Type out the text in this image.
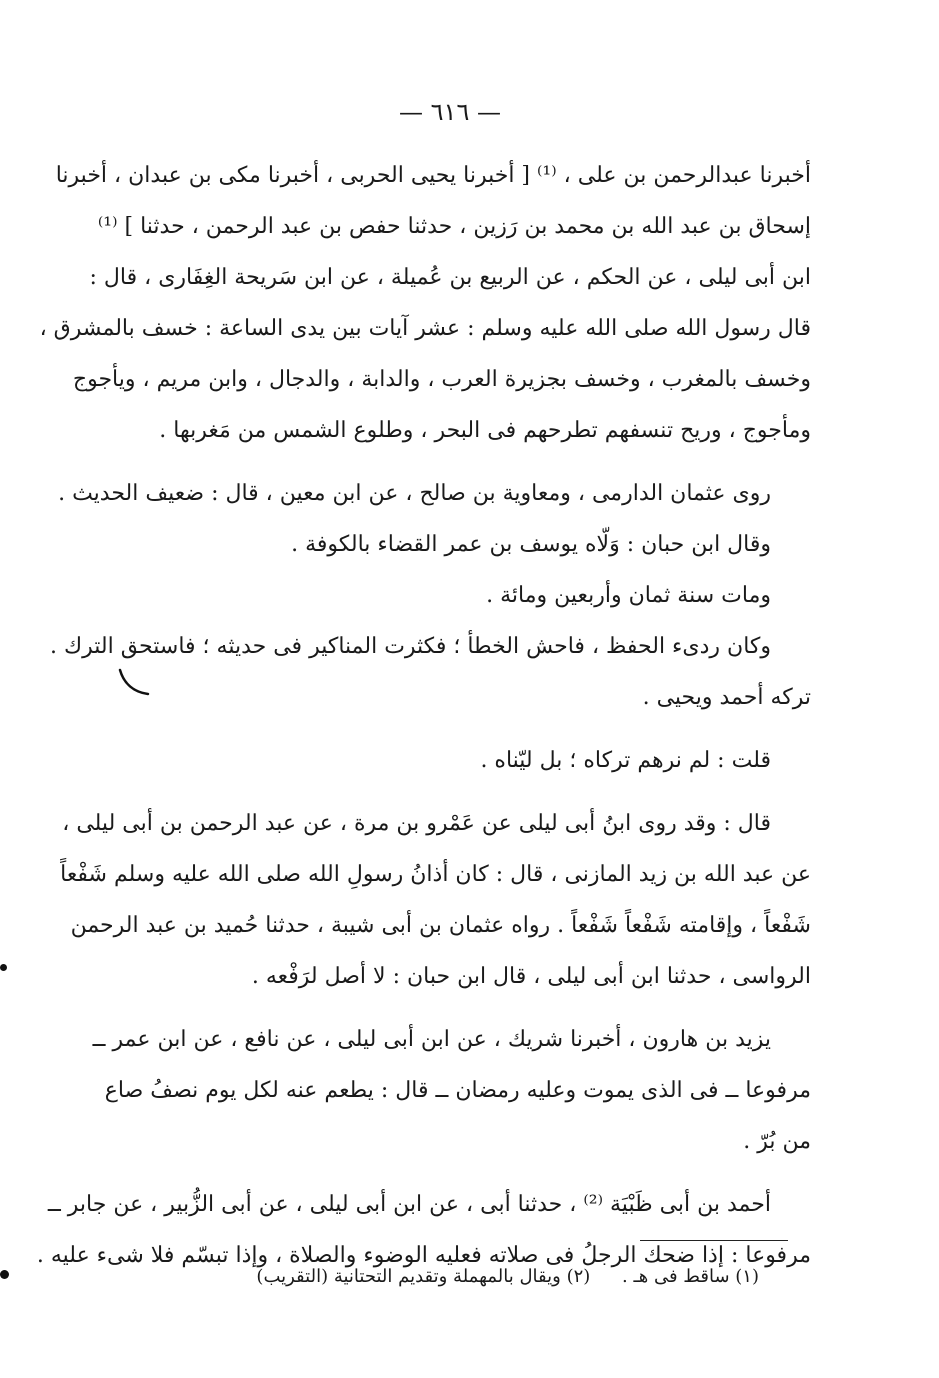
— ٦١٦ —
أخبرنا عبدالرحمن بن على ، ⁽¹⁾ [ أخبرنا يحيى الحربى ، أخبرنا مكى بن عبدان ، أخبرنا
إسحاق بن عبد الله بن محمد بن رَزين ، حدثنا حفص بن عبد الرحمن ، حدثنا ] ⁽¹⁾
ابن أبى ليلى ، عن الحكم ، عن الربيع بن عُميلة ، عن ابن سَريحة الغِفَارى ، قال :
قال رسول الله صلى الله عليه وسلم : عشر آيات بين يدى الساعة : خسف بالمشرق ،
وخسف بالمغرب ، وخسف بجزيرة العرب ، والدابة ، والدجال ، وابن مريم ، ويأجوج
ومأجوج ، وريح تنسفهم تطرحهم فى البحر ، وطلوع الشمس من مَغربها .
روى عثمان الدارمى ، ومعاوية بن صالح ، عن ابن معين ، قال : ضعيف الحديث .
وقال ابن حبان : وَلّاه يوسف بن عمر القضاء بالكوفة .
ومات سنة ثمان وأربعين ومائة .
وكان ردىء الحفظ ، فاحش الخطأ ؛ فكثرت المناكير فى حديثه ؛ فاستحق الترك .
تركه أحمد ويحيى .
قلت : لم نرهم تركاه ؛ بل ليّناه .
قال : وقد روى ابنُ أبى ليلى عن عَمْرو بن مرة ، عن عبد الرحمن بن أبى ليلى ،
عن عبد الله بن زيد المازنى ، قال : كان أذانُ رسولِ الله صلى الله عليه وسلم شَفْعاً
شَفْعاً ، وإقامته شَفْعاً شَفْعاً . رواه عثمان بن أبى شيبة ، حدثنا حُميد بن عبد الرحمن
الرواسى ، حدثنا ابن أبى ليلى ، قال ابن حبان : لا أصل لرَفْعه .
يزيد بن هارون ، أخبرنا شريك ، عن ابن أبى ليلى ، عن نافع ، عن ابن عمر ــ
مرفوعا ــ فى الذى يموت وعليه رمضان ــ قال : يطعم عنه لكل يوم نصفُ صاع
من بُرّ .
أحمد بن أبى ظَبْيَة ⁽²⁾ ، حدثنا أبى ، عن ابن أبى ليلى ، عن أبى الزُّبير ، عن جابر ــ
مرفوعا : إذا ضحك الرجلُ فى صلاته فعليه الوضوء والصلاة ، وإذا تبسّم فلا شىء عليه .
(١) ساقط فى هـ . (٢) ويقال بالمهملة وتقديم التحتانية (التقريب)
